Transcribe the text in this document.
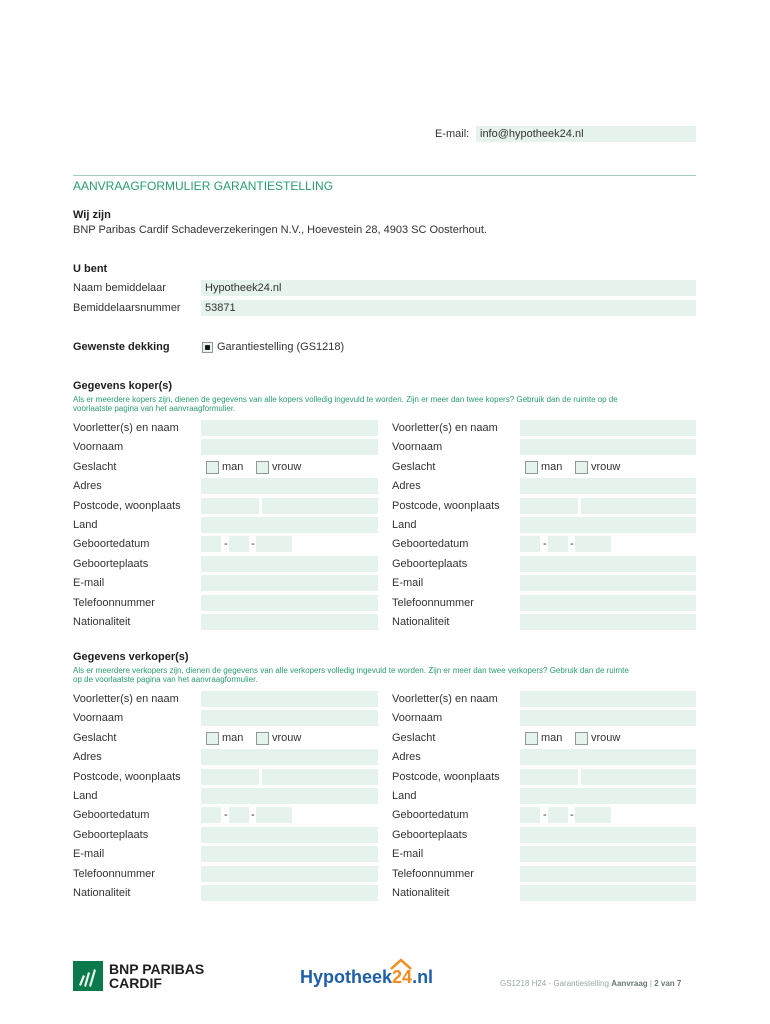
E-mail: info@hypotheek24.nl
AANVRAAGFORMULIER GARANTIESTELLING
Wij zijn
BNP Paribas Cardif Schadeverzekeringen N.V., Hoevestein 28, 4903 SC Oosterhout.
U bent
Naam bemiddelaar	Hypotheek24.nl
Bemiddelaarsnummer	53871
Gewenste dekking	Garantiestelling (GS1218)
Gegevens koper(s)
Als er meerdere kopers zijn, dienen de gegevens van alle kopers volledig ingevuld te worden. Zijn er meer dan twee kopers? Gebruik dan de ruimte op de
voorlaatste pagina van het aanvraagformulier.
Voorletter(s) en naam
Voornaam
Geslacht	man	vrouw
Adres
Postcode, woonplaats
Land
Geboortedatum	- -
Geboorteplaats
E-mail
Telefoonnummer
Nationaliteit
Voorletter(s) en naam
Voornaam
Geslacht	man	vrouw
Adres
Postcode, woonplaats
Land
Geboortedatum	- -
Geboorteplaats
E-mail
Telefoonnummer
Nationaliteit
Gegevens verkoper(s)
Als er meerdere verkopers zijn, dienen de gegevens van alle verkopers volledig ingevuld te worden. Zijn er meer dan twee verkopers? Gebruik dan de ruimte
op de voorlaatste pagina van het aanvraagformulier.
Voorletter(s) en naam
Voornaam
Geslacht	man	vrouw
Adres
Postcode, woonplaats
Land
Geboortedatum	- -
Geboorteplaats
E-mail
Telefoonnummer
Nationaliteit
Voorletter(s) en naam
Voornaam
Geslacht	man	vrouw
Adres
Postcode, woonplaats
Land
Geboortedatum	- -
Geboorteplaats
E-mail
Telefoonnummer
Nationaliteit
BNP PARIBAS
CARDIF	Hypotheek24.nl	GS1218 H24 - Garantiestelling Aanvraag | 2 van 7
